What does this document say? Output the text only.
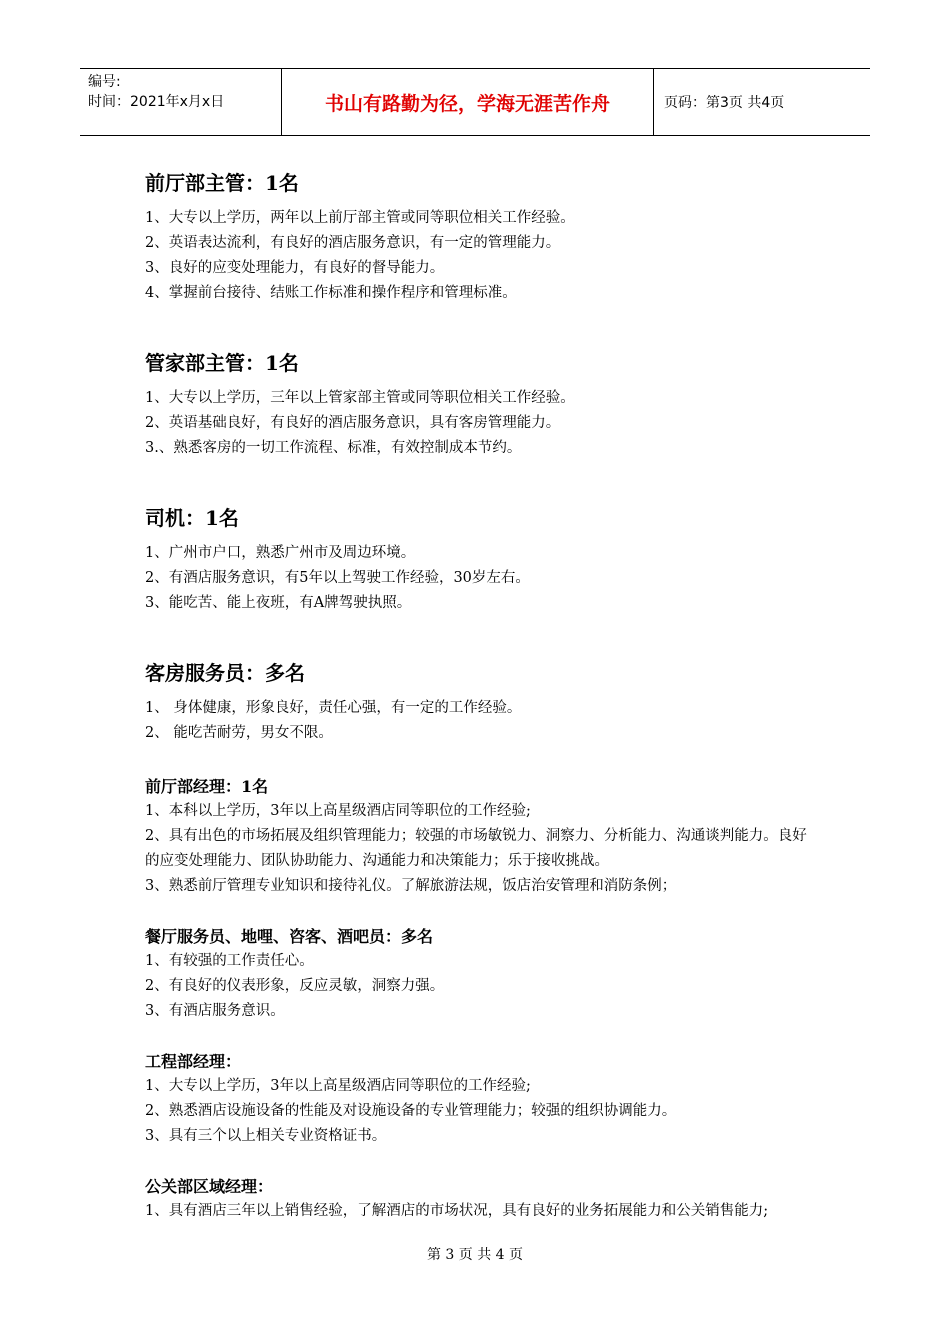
编号:
时间：2021年x月x日	书山有路勤为径，学海无涯苦作舟	页码：第3页 共4页

前厅部主管：1名

1、大专以上学历，两年以上前厅部主管或同等职位相关工作经验。

2、英语表达流利，有良好的酒店服务意识，有一定的管理能力。

3、良好的应变处理能力，有良好的督导能力。

4、掌握前台接待、结账工作标准和操作程序和管理标准。

管家部主管：1名

1、大专以上学历，三年以上管家部主管或同等职位相关工作经验。

2、英语基础良好，有良好的酒店服务意识，具有客房管理能力。

3.、熟悉客房的一切工作流程、标准，有效控制成本节约。

司机：1名

1、广州市户口，熟悉广州市及周边环境。

2、有酒店服务意识，有5年以上驾驶工作经验，30岁左右。

3、能吃苦、能上夜班，有A牌驾驶执照。

客房服务员：多名

1、 身体健康，形象良好，责任心强，有一定的工作经验。

2、 能吃苦耐劳，男女不限。

前厅部经理：1名

1、本科以上学历，3年以上高星级酒店同等职位的工作经验;

2、具有出色的市场拓展及组织管理能力；较强的市场敏锐力、洞察力、分析能力、沟通谈判能力。良好的应变处理能力、团队协助能力、沟通能力和决策能力；乐于接收挑战。

3、熟悉前厅管理专业知识和接待礼仪。了解旅游法规，饭店治安管理和消防条例；

餐厅服务员、地哩、咨客、酒吧员：多名

1、有较强的工作责任心。

2、有良好的仪表形象，反应灵敏，洞察力强。

3、有酒店服务意识。

工程部经理：

1、大专以上学历，3年以上高星级酒店同等职位的工作经验;

2、熟悉酒店设施设备的性能及对设施设备的专业管理能力；较强的组织协调能力。

3、具有三个以上相关专业资格证书。

公关部区域经理：

1、具有酒店三年以上销售经验，了解酒店的市场状况，具有良好的业务拓展能力和公关销售能力;

第 3 页 共 4 页
